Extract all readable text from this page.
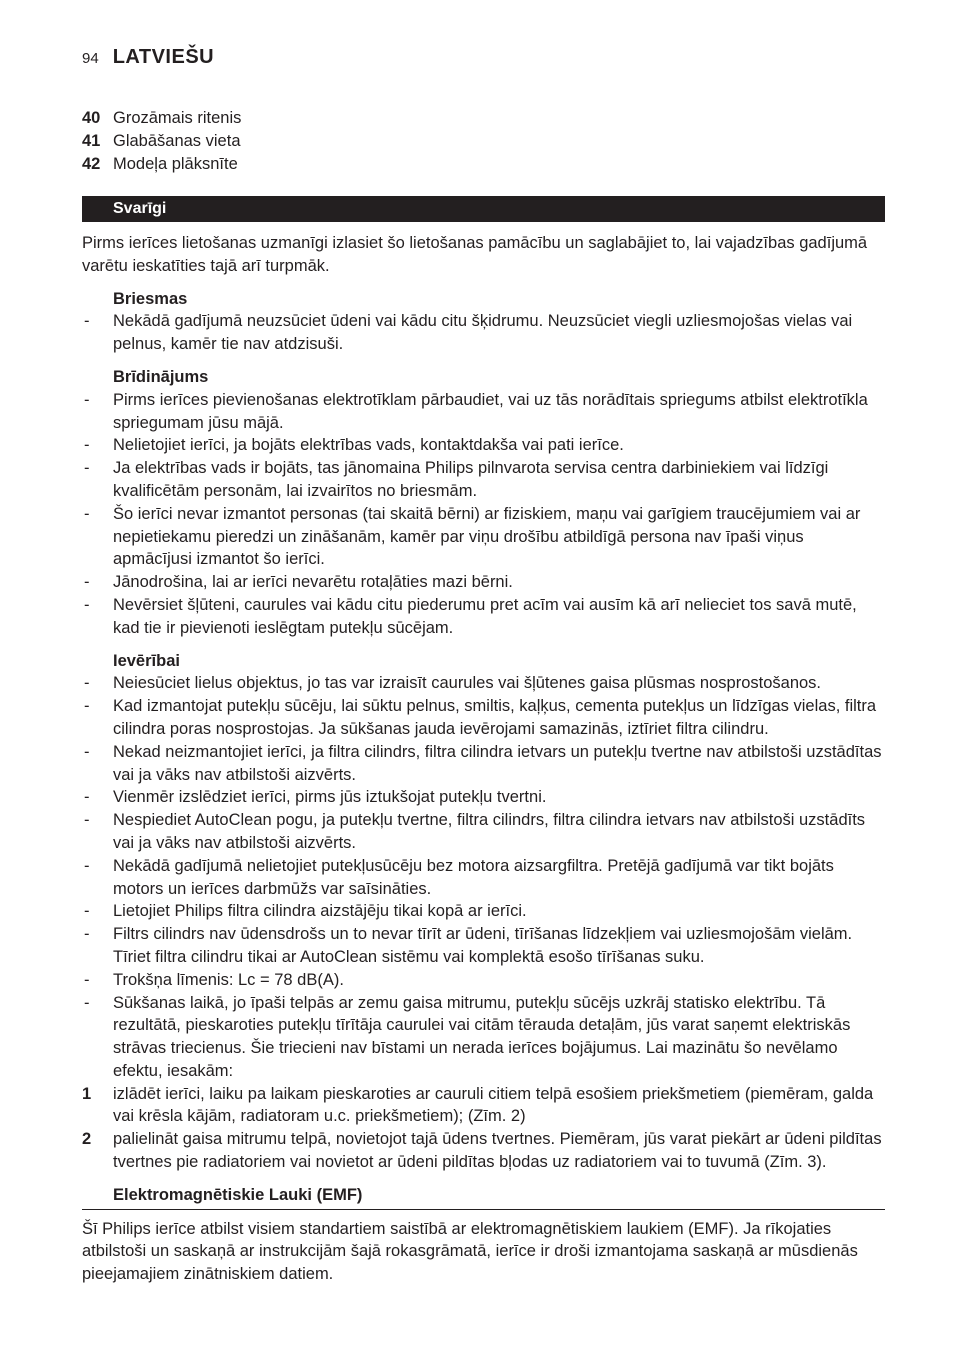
94 LATVIEŠU
40 Grozāmais ritenis
41 Glabāšanas vieta
42 Modeļa plāksnīte
Svarīgi

Pirms ierīces lietošanas uzmanīgi izlasiet šo lietošanas pamācību un saglabājiet to, lai vajadzības gadījumā varētu ieskatīties tajā arī turpmāk.

Briesmas
-	Nekādā gadījumā neuzsūciet ūdeni vai kādu citu šķidrumu. Neuzsūciet viegli uzliesmojošas vielas vai pelnus, kamēr tie nav atdzisuši.
Brīdinājums
-	Pirms ierīces pievienošanas elektrotīklam pārbaudiet, vai uz tās norādītais spriegums atbilst elektrotīkla spriegumam jūsu mājā.
-	Nelietojiet ierīci, ja bojāts elektrības vads, kontaktdakša vai pati ierīce.
-	Ja elektrības vads ir bojāts, tas jānomaina Philips pilnvarota servisa centra darbiniekiem vai līdzīgi kvalificētām personām, lai izvairītos no briesmām.
-	Šo ierīci nevar izmantot personas (tai skaitā bērni) ar fiziskiem, maņu vai garīgiem traucējumiem vai ar nepietiekamu pieredzi un zināšanām, kamēr par viņu drošību atbildīgā persona nav īpaši viņus apmācījusi izmantot šo ierīci.
-	Jānodrošina, lai ar ierīci nevarētu rotaļāties mazi bērni.
-	Nevērsiet šļūteni, caurules vai kādu citu piederumu pret acīm vai ausīm kā arī nelieciet tos savā mutē, kad tie ir pievienoti ieslēgtam putekļu sūcējam.
Ievērībai
-	Neiesūciet lielus objektus, jo tas var izraisīt caurules vai šļūtenes gaisa plūsmas nosprostošanos.
-	Kad izmantojat putekļu sūcēju, lai sūktu pelnus, smiltis, kaļķus, cementa putekļus un līdzīgas vielas, filtra cilindra poras nosprostojas. Ja sūkšanas jauda ievērojami samazinās, iztīriet filtra cilindru.
-	Nekad neizmantojiet ierīci, ja filtra cilindrs, filtra cilindra ietvars un putekļu tvertne nav atbilstoši uzstādītas vai ja vāks nav atbilstoši aizvērts.
-	Vienmēr izslēdziet ierīci, pirms jūs iztukšojat putekļu tvertni.
-	Nespiediet AutoClean pogu, ja putekļu tvertne, filtra cilindrs, filtra cilindra ietvars nav atbilstoši uzstādīts vai ja vāks nav atbilstoši aizvērts.
-	Nekādā gadījumā nelietojiet putekļusūcēju bez motora aizsargfiltra. Pretējā gadījumā var tikt bojāts motors un ierīces darbmūžs var saīsināties.
-	Lietojiet Philips filtra cilindra aizstājēju tikai kopā ar ierīci.
-	Filtrs cilindrs nav ūdensdrošs un to nevar tīrīt ar ūdeni, tīrīšanas līdzekļiem vai uzliesmojošām vielām. Tīriet filtra cilindru tikai ar AutoClean sistēmu vai komplektā esošo tīrīšanas suku.
-	Trokšņa līmenis: Lc = 78 dB(A).
-	Sūkšanas laikā, jo īpaši telpās ar zemu gaisa mitrumu, putekļu sūcējs uzkrāj statisko elektrību. Tā rezultātā, pieskaroties putekļu tīrītāja caurulei vai citām tērauda detaļām, jūs varat saņemt elektriskās strāvas triecienus. Šie triecieni nav bīstami un nerada ierīces bojājumus. Lai mazinātu šo nevēlamo efektu, iesakām:
1	izlādēt ierīci, laiku pa laikam pieskaroties ar cauruli citiem telpā esošiem priekšmetiem (piemēram, galda vai krēsla kājām, radiatoram u.c. priekšmetiem); (Zīm. 2)
2	palielināt gaisa mitrumu telpā, novietojot tajā ūdens tvertnes. Piemēram, jūs varat piekārt ar ūdeni pildītas tvertnes pie radiatoriem vai novietot ar ūdeni pildītas bļodas uz radiatoriem vai to tuvumā (Zīm. 3).
Elektromagnētiskie Lauki (EMF)

Šī Philips ierīce atbilst visiem standartiem saistībā ar elektromagnētiskiem laukiem (EMF). Ja rīkojaties atbilstoši un saskaņā ar instrukcijām šajā rokasgrāmatā, ierīce ir droši izmantojama saskaņā ar mūsdienās pieejamajiem zinātniskiem datiem.
